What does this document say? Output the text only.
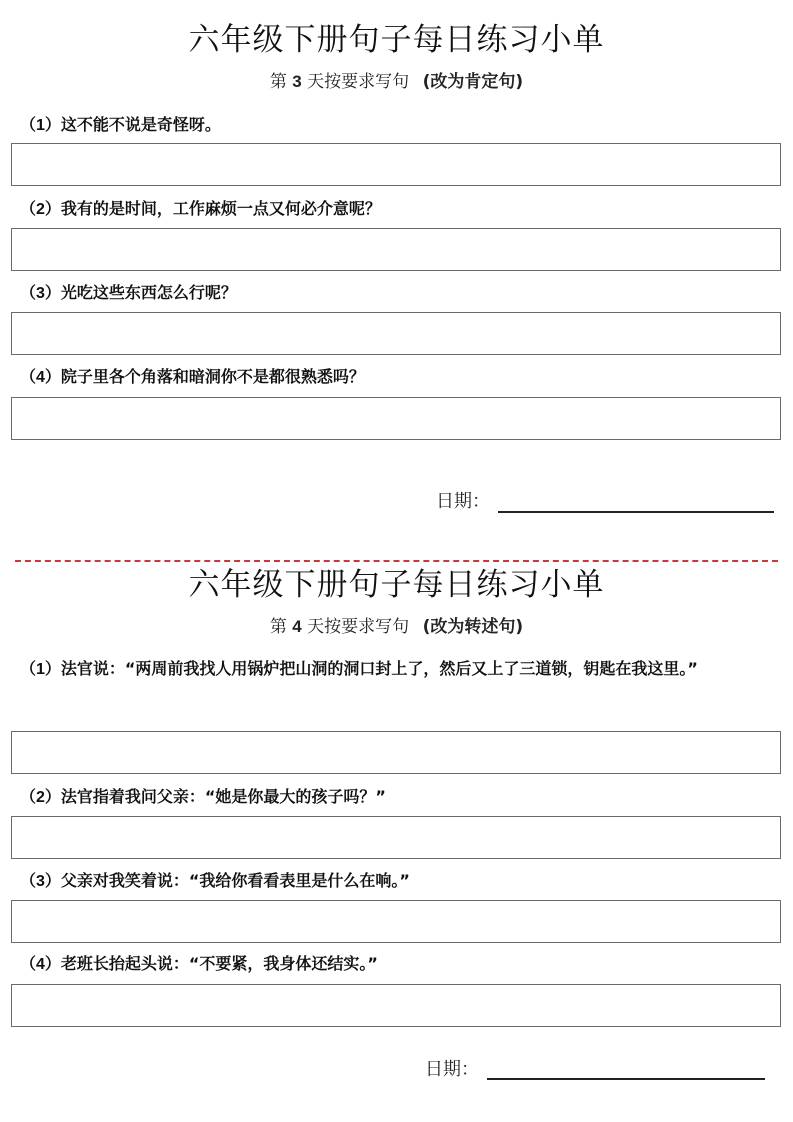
六年级下册句子每日练习小单
第 3 天按要求写句 (改为肯定句)
（1）这不能不说是奇怪呀。
（2）我有的是时间，工作麻烦一点又何必介意呢？
（3）光吃这些东西怎么行呢？
（4）院子里各个角落和暗洞你不是都很熟悉吗？
日期：
六年级下册句子每日练习小单
第 4 天按要求写句 (改为转述句)
（1）法官说：“两周前我找人用锅炉把山洞的洞口封上了，然后又上了三道锁，钥匙在我这里。”
（2）法官指着我问父亲：“她是你最大的孩子吗？”
（3）父亲对我笑着说：“我给你看看表里是什么在响。”
（4）老班长抬起头说：“不要紧，我身体还结实。”
日期：
